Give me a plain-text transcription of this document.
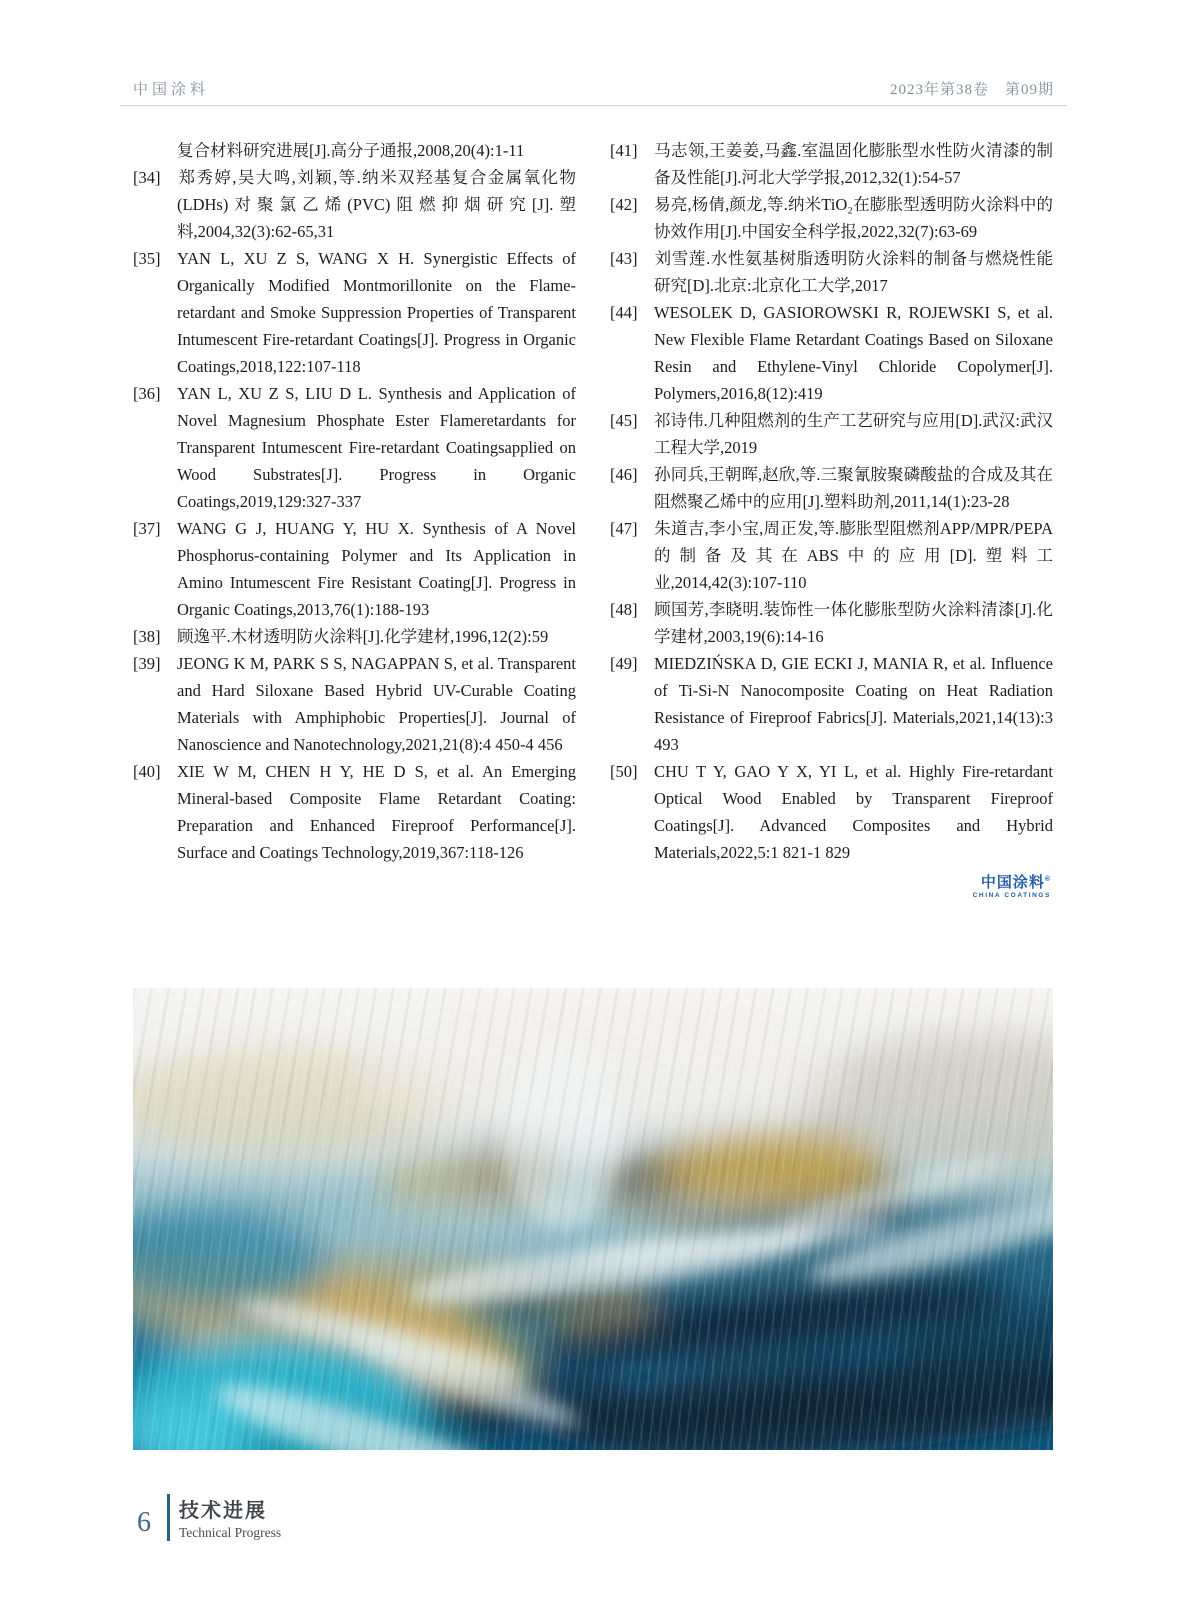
中国涂料	2023年第38卷　第09期

复合材料研究进展[J].高分子通报,2008,20(4):1-11

[34] 郑秀婷,吴大鸣,刘颖,等.纳米双羟基复合金属氧化物(LDHs)对聚氯乙烯(PVC)阻燃抑烟研究[J].塑料,2004,32(3):62-65,31

[35] YAN L, XU Z S, WANG X H. Synergistic Effects of Organically Modified Montmorillonite on the Flame-retardant and Smoke Suppression Properties of Transparent Intumescent Fire-retardant Coatings[J]. Progress in Organic Coatings,2018,122:107-118

[36] YAN L, XU Z S, LIU D L. Synthesis and Application of Novel Magnesium Phosphate Ester Flameretardants for Transparent Intumescent Fire-retardant Coatingsapplied on Wood Substrates[J]. Progress in Organic Coatings,2019,129:327-337

[37] WANG G J, HUANG Y, HU X. Synthesis of A Novel Phosphorus-containing Polymer and Its Application in Amino Intumescent Fire Resistant Coating[J]. Progress in Organic Coatings,2013,76(1):188-193

[38] 顾逸平.木材透明防火涂料[J].化学建材,1996,12(2):59

[39] JEONG K M, PARK S S, NAGAPPAN S, et al. Transparent and Hard Siloxane Based Hybrid UV-Curable Coating Materials with Amphiphobic Properties[J]. Journal of Nanoscience and Nanotechnology,2021,21(8):4 450-4 456

[40] XIE W M, CHEN H Y, HE D S, et al. An Emerging Mineral-based Composite Flame Retardant Coating: Preparation and Enhanced Fireproof Performance[J]. Surface and Coatings Technology,2019,367:118-126

[41] 马志领,王姜姜,马鑫.室温固化膨胀型水性防火清漆的制备及性能[J].河北大学学报,2012,32(1):54-57

[42] 易亮,杨倩,颜龙,等.纳米TiO₂在膨胀型透明防火涂料中的协效作用[J].中国安全科学报,2022,32(7):63-69

[43] 刘雪莲.水性氨基树脂透明防火涂料的制备与燃烧性能研究[D].北京:北京化工大学,2017

[44] WESOLEK D, GASIOROWSKI R, ROJEWSKI S, et al. New Flexible Flame Retardant Coatings Based on Siloxane Resin and Ethylene-Vinyl Chloride Copolymer[J]. Polymers,2016,8(12):419

[45] 祁诗伟.几种阻燃剂的生产工艺研究与应用[D].武汉:武汉工程大学,2019

[46] 孙同兵,王朝晖,赵欣,等.三聚氰胺聚磷酸盐的合成及其在阻燃聚乙烯中的应用[J].塑料助剂,2011,14(1):23-28

[47] 朱道吉,李小宝,周正发,等.膨胀型阻燃剂APP/MPR/PEPA的制备及其在ABS中的应用[D].塑料工业,2014,42(3):107-110

[48] 顾国芳,李晓明.装饰性一体化膨胀型防火涂料清漆[J].化学建材,2003,19(6):14-16

[49] MIEDZIŃSKA D, GIE ECKI J, MANIA R, et al. Influence of Ti-Si-N Nanocomposite Coating on Heat Radiation Resistance of Fireproof Fabrics[J]. Materials,2021,14(13):3 493

[50] CHU T Y, GAO Y X, YI L, et al. Highly Fire-retardant Optical Wood Enabled by Transparent Fireproof Coatings[J]. Advanced Composites and Hybrid Materials,2022,5:1 821-1 829

中国涂料®
CHINA COATINGS
6	技术进展
Technical Progress
